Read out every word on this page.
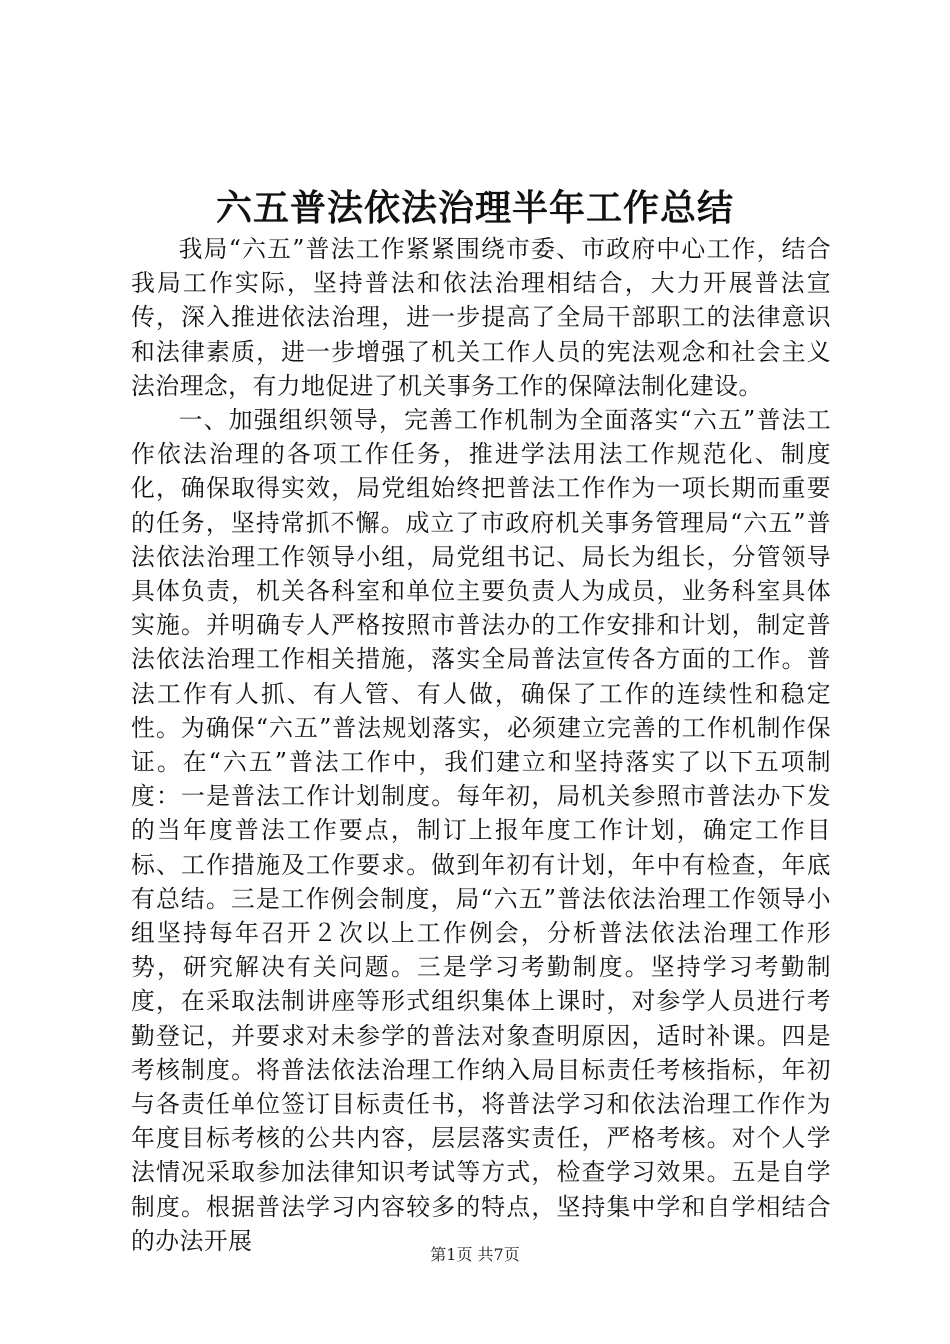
六五普法依法治理半年工作总结

我局“六五”普法工作紧紧围绕市委、市政府中心工作，结合我局工作实际，坚持普法和依法治理相结合，大力开展普法宣传，深入推进依法治理，进一步提高了全局干部职工的法律意识和法律素质，进一步增强了机关工作人员的宪法观念和社会主义法治理念，有力地促进了机关事务工作的保障法制化建设。

一、加强组织领导，完善工作机制为全面落实“六五”普法工作依法治理的各项工作任务，推进学法用法工作规范化、制度化，确保取得实效，局党组始终把普法工作作为一项长期而重要的任务，坚持常抓不懈。成立了市政府机关事务管理局“六五”普法依法治理工作领导小组，局党组书记、局长为组长，分管领导具体负责，机关各科室和单位主要负责人为成员，业务科室具体实施。并明确专人严格按照市普法办的工作安排和计划，制定普法依法治理工作相关措施，落实全局普法宣传各方面的工作。普法工作有人抓、有人管、有人做，确保了工作的连续性和稳定性。为确保“六五”普法规划落实，必须建立完善的工作机制作保证。在“六五”普法工作中，我们建立和坚持落实了以下五项制度：一是普法工作计划制度。每年初，局机关参照市普法办下发的当年度普法工作要点，制订上报年度工作计划，确定工作目标、工作措施及工作要求。做到年初有计划，年中有检查，年底有总结。三是工作例会制度，局“六五”普法依法治理工作领导小组坚持每年召开２次以上工作例会，分析普法依法治理工作形势，研究解决有关问题。三是学习考勤制度。坚持学习考勤制度，在采取法制讲座等形式组织集体上课时，对参学人员进行考勤登记，并要求对未参学的普法对象查明原因，适时补课。四是考核制度。将普法依法治理工作纳入局目标责任考核指标，年初与各责任单位签订目标责任书，将普法学习和依法治理工作作为年度目标考核的公共内容，层层落实责任，严格考核。对个人学法情况采取参加法律知识考试等方式，检查学习效果。五是自学制度。根据普法学习内容较多的特点，坚持集中学和自学相结合的办法开展	第1页 共7页
